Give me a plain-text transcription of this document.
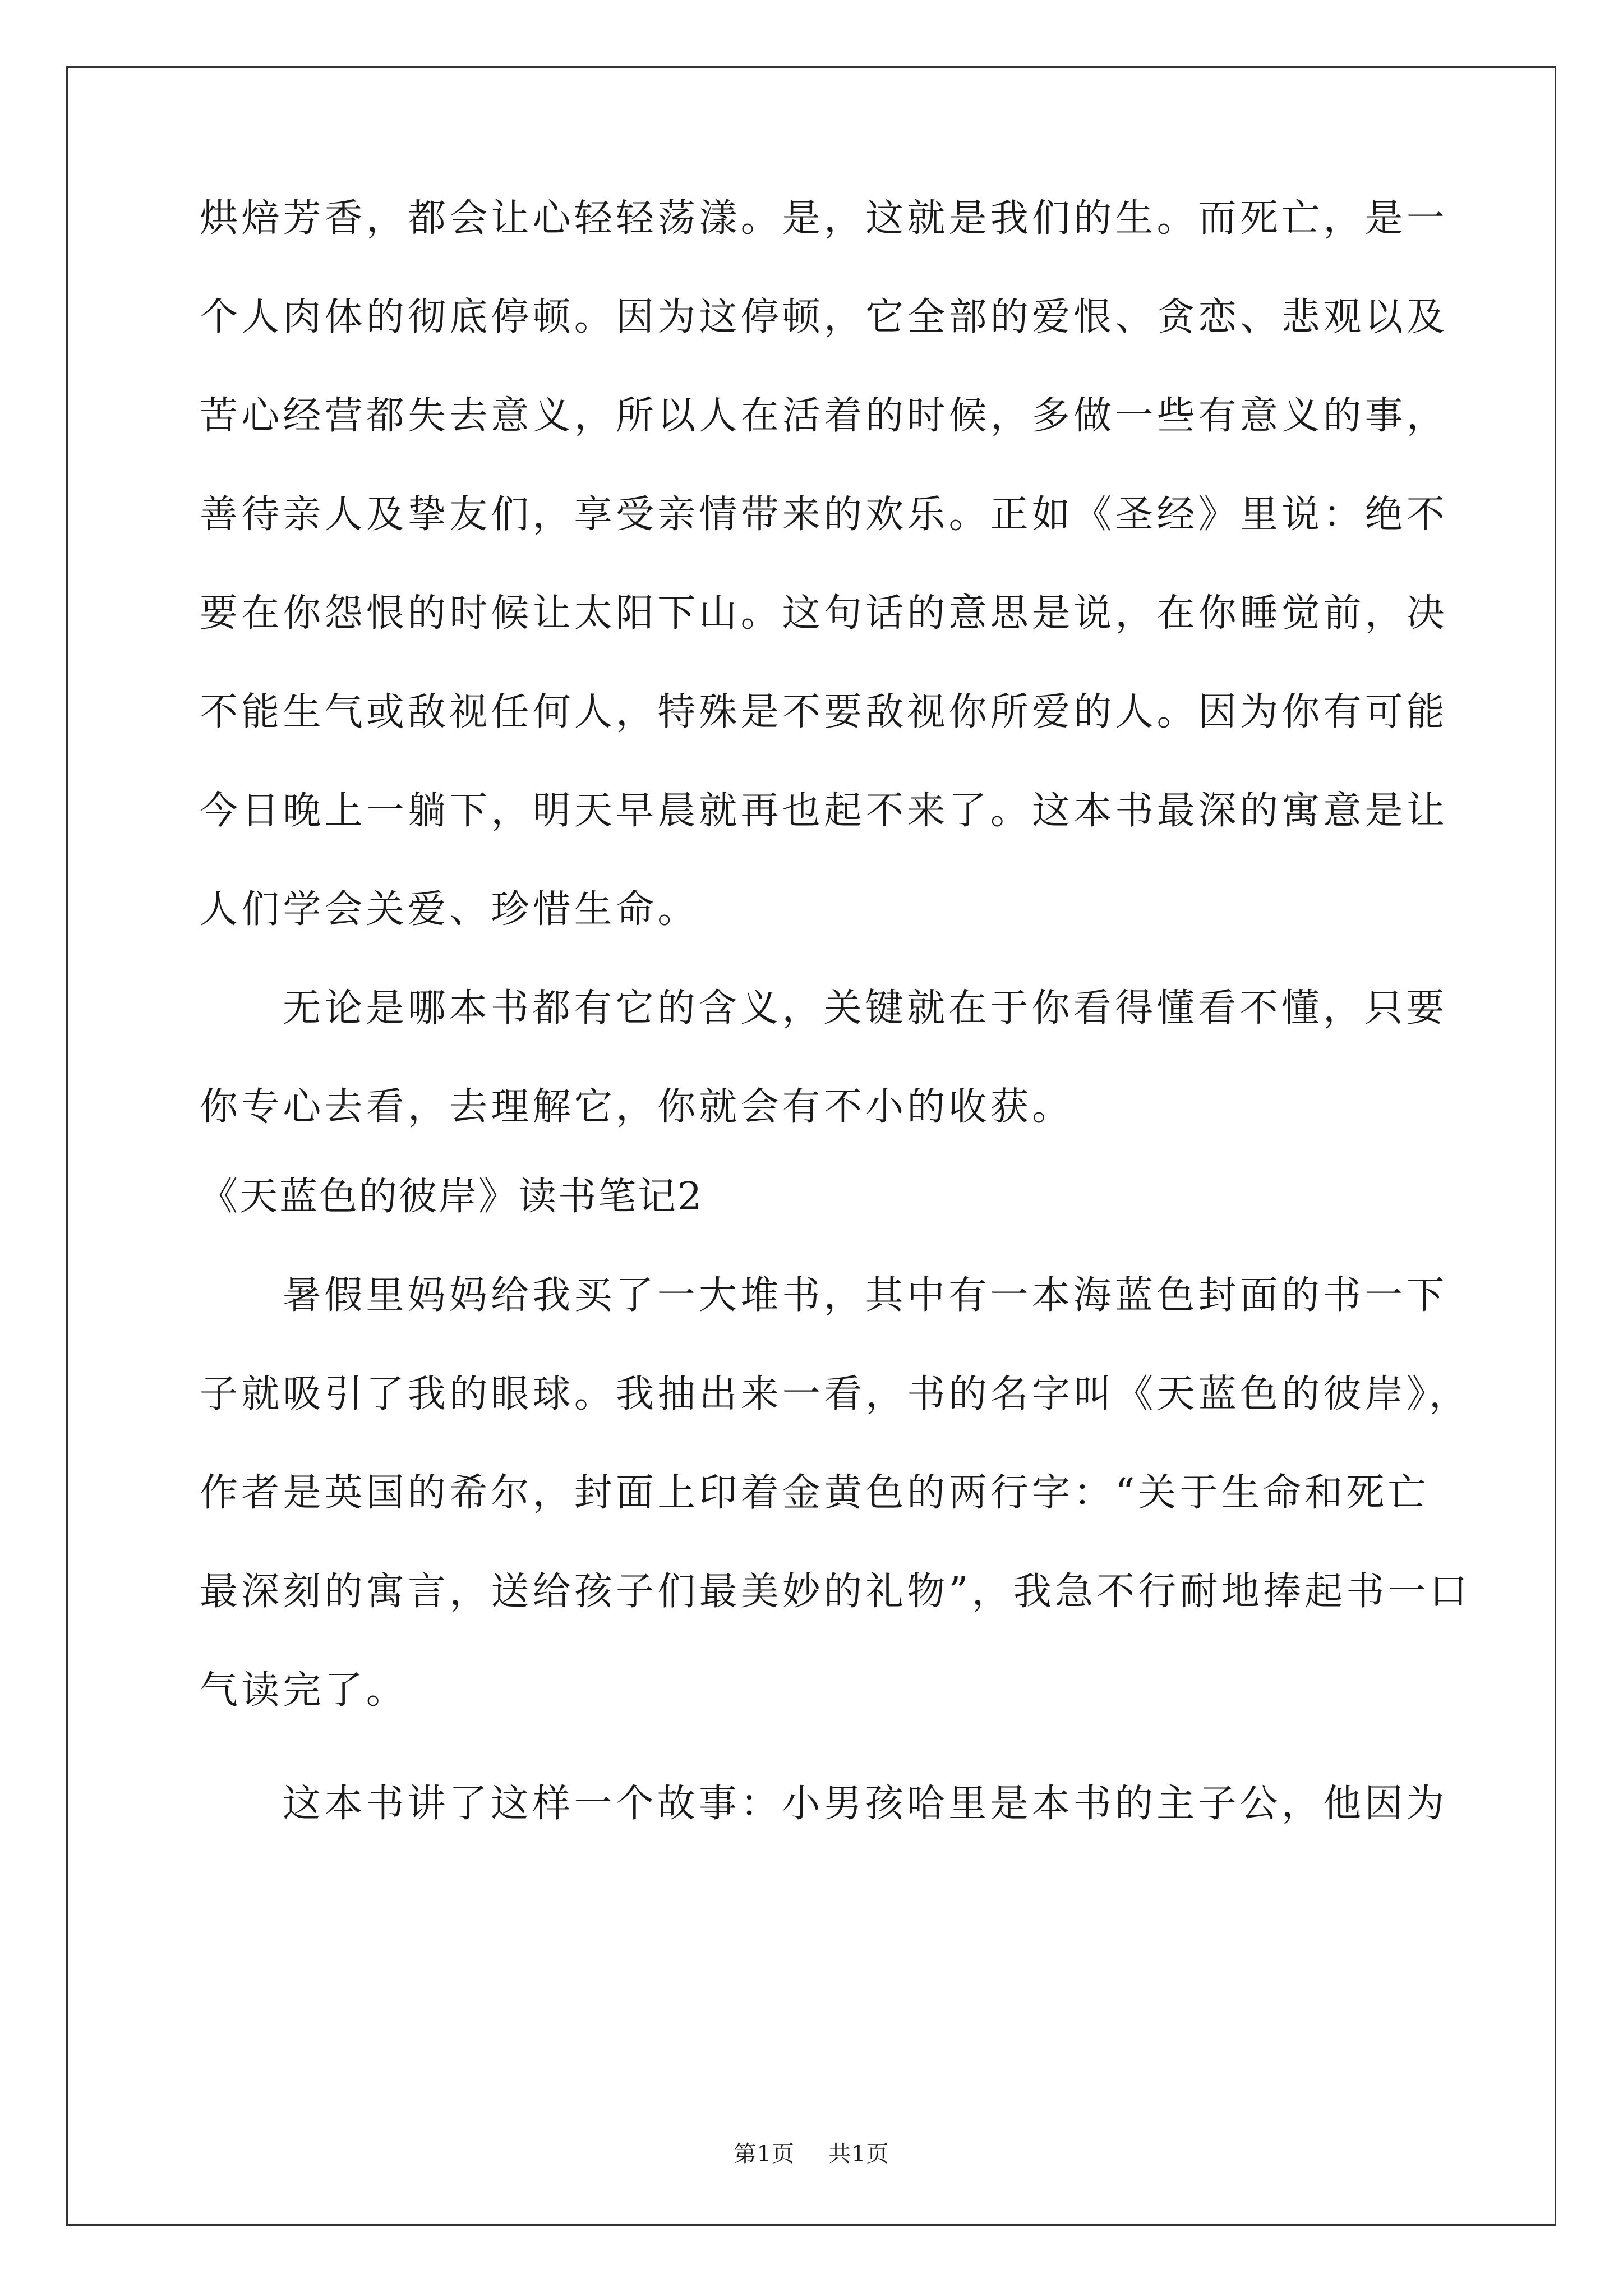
烘焙芳香，都会让心轻轻荡漾。是，这就是我们的生。而死亡，是一
个人肉体的彻底停顿。因为这停顿，它全部的爱恨、贪恋、悲观以及
苦心经营都失去意义，所以人在活着的时候，多做一些有意义的事，
善待亲人及挚友们，享受亲情带来的欢乐。正如《圣经》里说：绝不
要在你怨恨的时候让太阳下山。这句话的意思是说，在你睡觉前，决
不能生气或敌视任何人，特殊是不要敌视你所爱的人。因为你有可能
今日晚上一躺下，明天早晨就再也起不来了。这本书最深的寓意是让
人们学会关爱、珍惜生命。
无论是哪本书都有它的含义，关键就在于你看得懂看不懂，只要
你专心去看，去理解它，你就会有不小的收获。
《天蓝色的彼岸》读书笔记2
暑假里妈妈给我买了一大堆书，其中有一本海蓝色封面的书一下
子就吸引了我的眼球。我抽出来一看，书的名字叫《天蓝色的彼岸》，
作者是英国的希尔，封面上印着金黄色的两行字：“关于生命和死亡
最深刻的寓言，送给孩子们最美妙的礼物”，我急不行耐地捧起书一口
气读完了。
这本书讲了这样一个故事：小男孩哈里是本书的主子公，他因为
第1页 共1页
